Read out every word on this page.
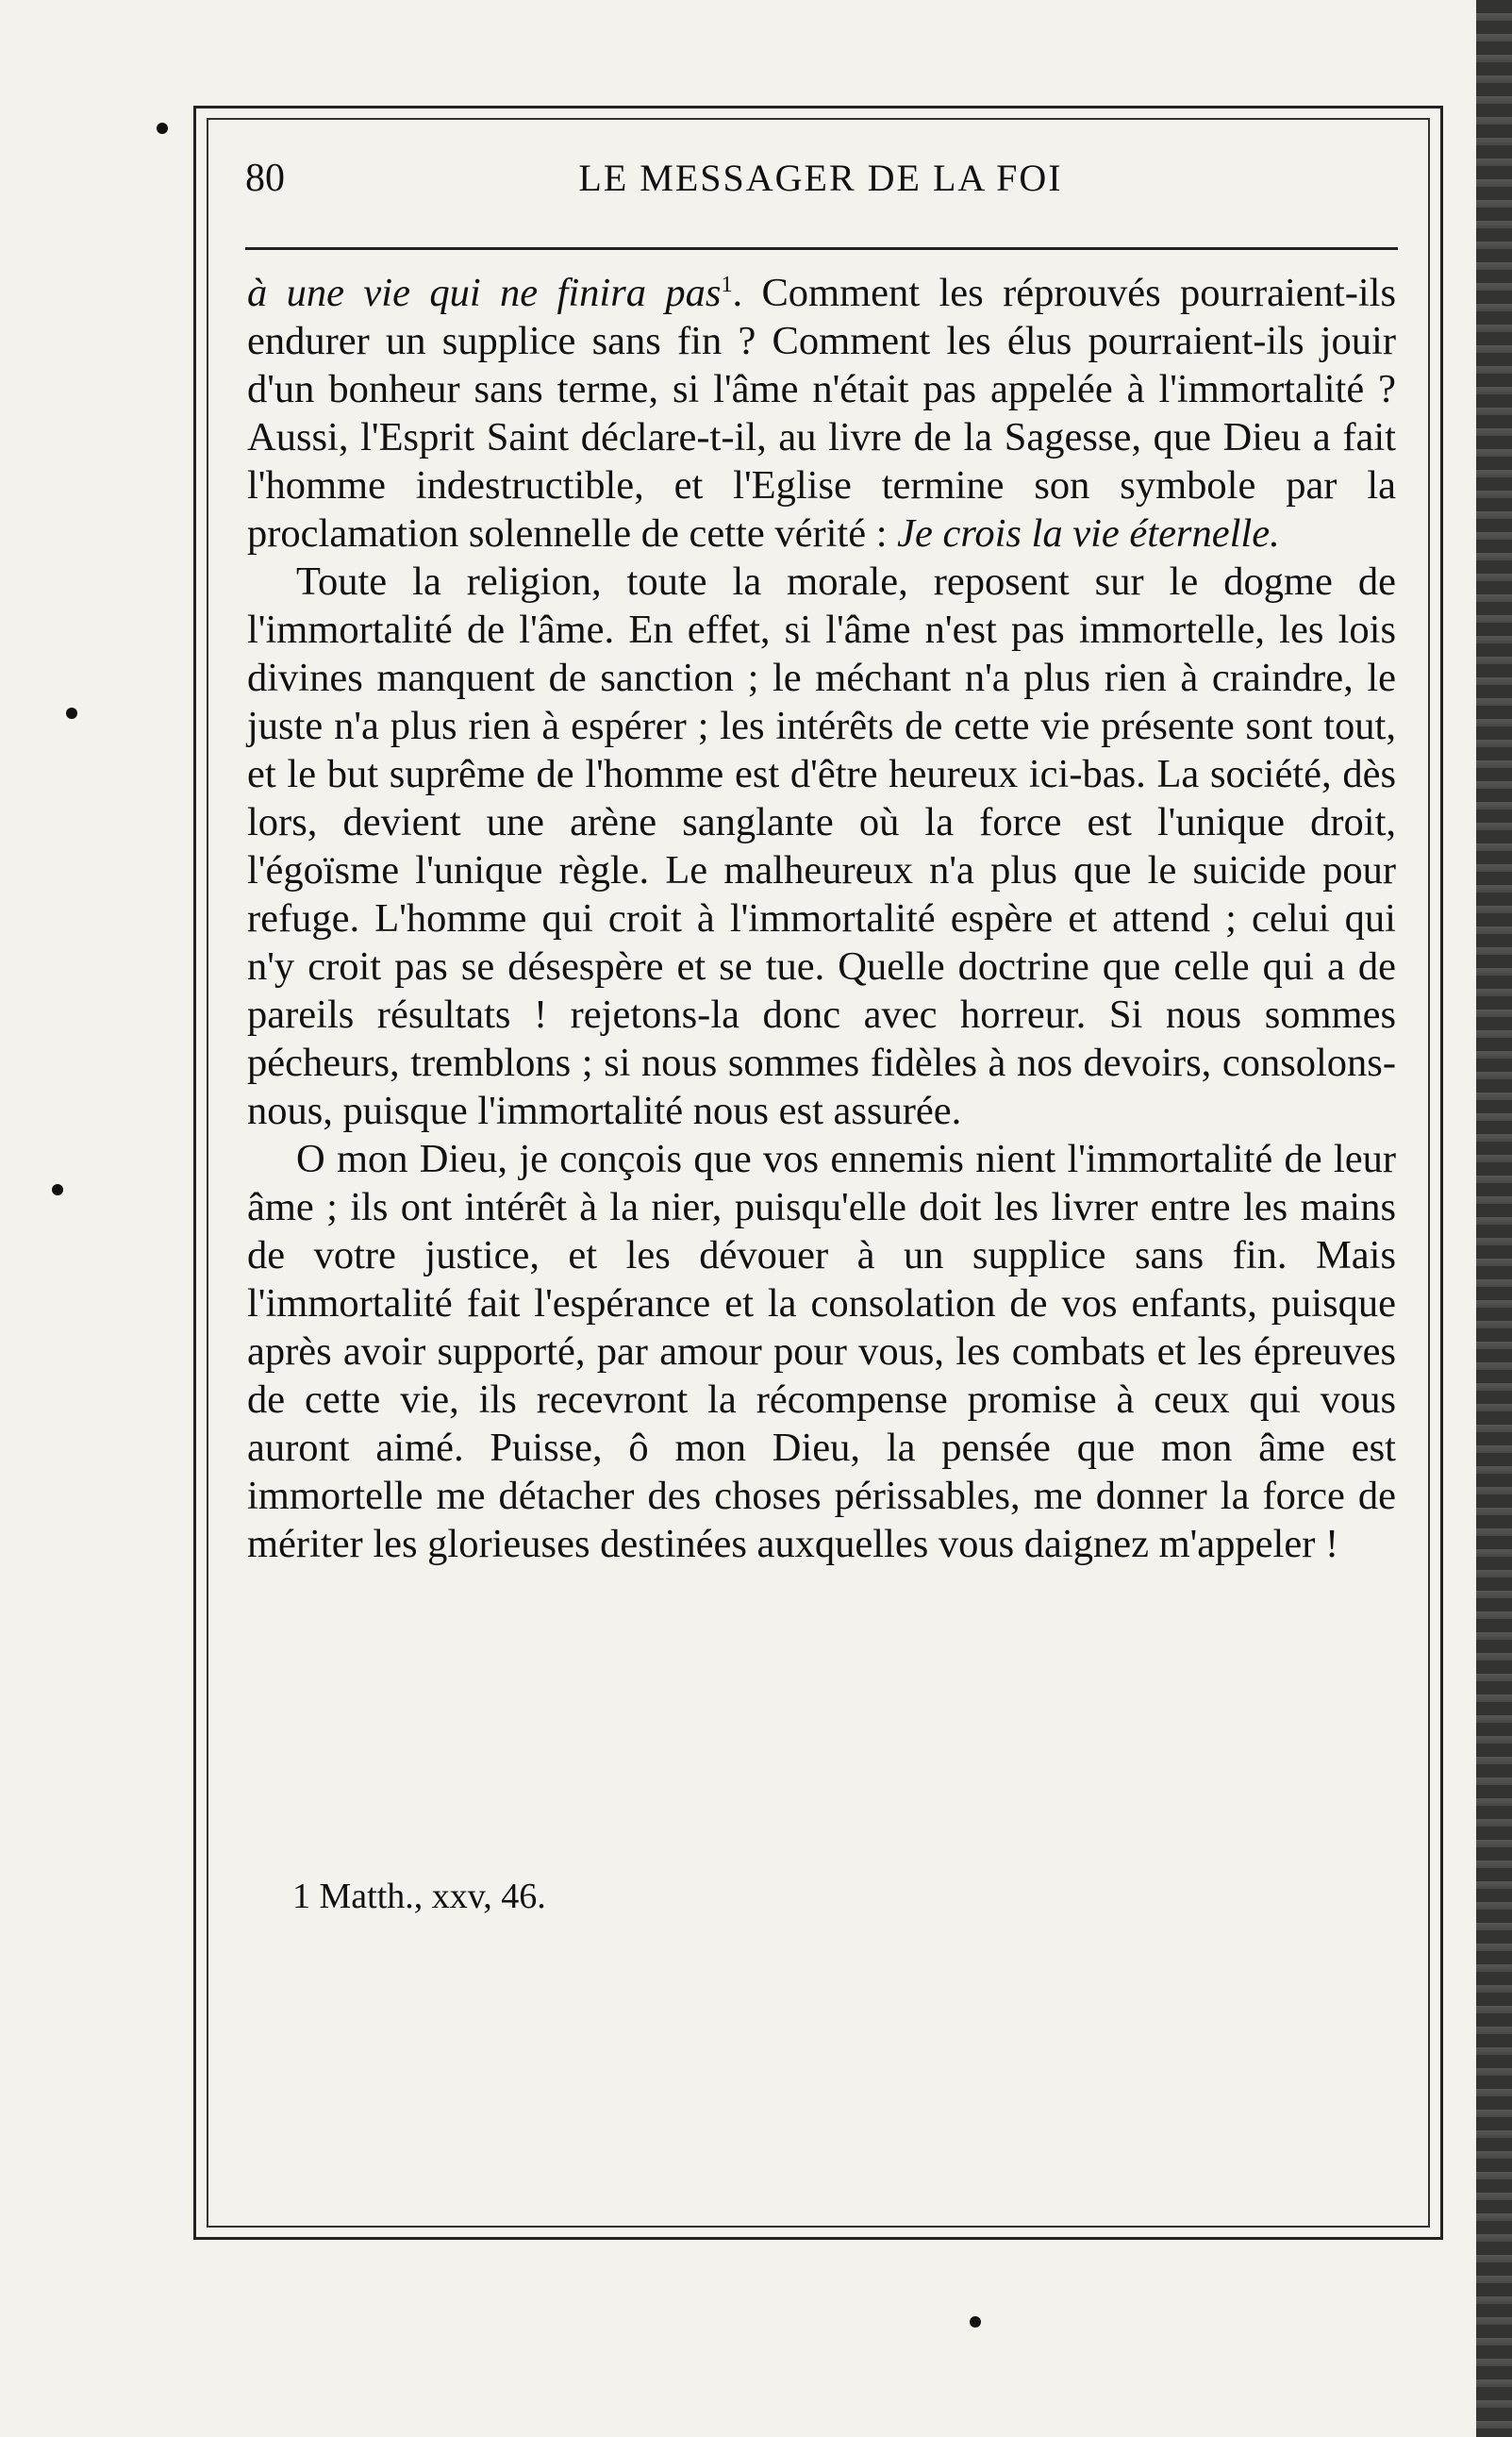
80	LE MESSAGER DE LA FOI

à une vie qui ne finira pas$^1$. Comment les réprouvés pourraient-ils endurer un supplice sans fin ? Comment les élus pourraient-ils jouir d'un bonheur sans terme, si l'âme n'était pas appelée à l'immortalité ? Aussi, l'Esprit Saint déclare-t-il, au livre de la Sagesse, que Dieu a fait l'homme indestructible, et l'Eglise termine son symbole par la proclamation solennelle de cette vérité : Je crois la vie éternelle.

Toute la religion, toute la morale, reposent sur le dogme de l'immortalité de l'âme. En effet, si l'âme n'est pas immortelle, les lois divines manquent de sanction ; le méchant n'a plus rien à craindre, le juste n'a plus rien à espérer ; les intérêts de cette vie présente sont tout, et le but suprême de l'homme est d'être heureux ici-bas. La société, dès lors, devient une arène sanglante où la force est l'unique droit, l'égoïsme l'unique règle. Le malheureux n'a plus que le suicide pour refuge. L'homme qui croit à l'immortalité espère et attend ; celui qui n'y croit pas se désespère et se tue. Quelle doctrine que celle qui a de pareils résultats ! rejetons-la donc avec horreur. Si nous sommes pécheurs, tremblons ; si nous sommes fidèles à nos devoirs, consolons-nous, puisque l'immortalité nous est assurée.

O mon Dieu, je conçois que vos ennemis nient l'immortalité de leur âme ; ils ont intérêt à la nier, puisqu'elle doit les livrer entre les mains de votre justice, et les dévouer à un supplice sans fin. Mais l'immortalité fait l'espérance et la consolation de vos enfants, puisque après avoir supporté, par amour pour vous, les combats et les épreuves de cette vie, ils recevront la récompense promise à ceux qui vous auront aimé. Puisse, ô mon Dieu, la pensée que mon âme est immortelle me détacher des choses périssables, me donner la force de mériter les glorieuses destinées auxquelles vous daignez m'appeler !

1 Matth., xxv, 46.
